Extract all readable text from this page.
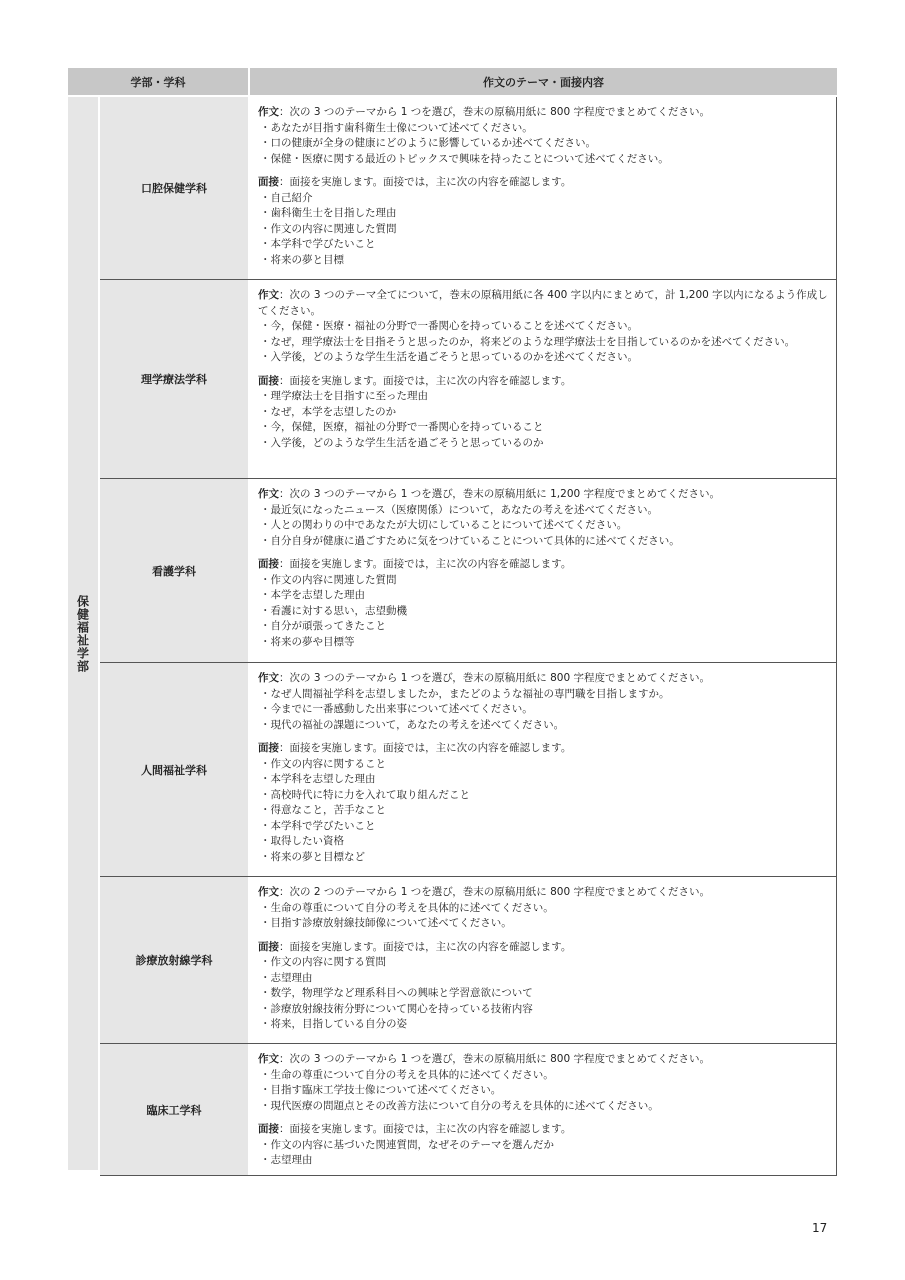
学部・学科	作文のテーマ・面接内容
保健福祉学部
口腔保健学科
作文：次の 3 つのテーマから 1 つを選び，巻末の原稿用紙に 800 字程度でまとめてください。
・あなたが目指す歯科衛生士像について述べてください。
・口の健康が全身の健康にどのように影響しているか述べてください。
・保健・医療に関する最近のトピックスで興味を持ったことについて述べてください。
面接：面接を実施します。面接では，主に次の内容を確認します。
・自己紹介
・歯科衛生士を目指した理由
・作文の内容に関連した質問
・本学科で学びたいこと
・将来の夢と目標
理学療法学科
作文：次の 3 つのテーマ全てについて，巻末の原稿用紙に各 400 字以内にまとめて，計 1,200 字以内になるよう作成してください。
・今，保健・医療・福祉の分野で一番関心を持っていることを述べてください。
・なぜ，理学療法士を目指そうと思ったのか，将来どのような理学療法士を目指しているのかを述べてください。
・入学後，どのような学生生活を過ごそうと思っているのかを述べてください。
面接：面接を実施します。面接では，主に次の内容を確認します。
・理学療法士を目指すに至った理由
・なぜ，本学を志望したのか
・今，保健，医療，福祉の分野で一番関心を持っていること
・入学後，どのような学生生活を過ごそうと思っているのか
看護学科
作文：次の 3 つのテーマから 1 つを選び，巻末の原稿用紙に 1,200 字程度でまとめてください。
・最近気になったニュース（医療関係）について，あなたの考えを述べてください。
・人との関わりの中であなたが大切にしていることについて述べてください。
・自分自身が健康に過ごすために気をつけていることについて具体的に述べてください。
面接：面接を実施します。面接では，主に次の内容を確認します。
・作文の内容に関連した質問
・本学を志望した理由
・看護に対する思い，志望動機
・自分が頑張ってきたこと
・将来の夢や目標等
人間福祉学科
作文：次の 3 つのテーマから 1 つを選び，巻末の原稿用紙に 800 字程度でまとめてください。
・なぜ人間福祉学科を志望しましたか，またどのような福祉の専門職を目指しますか。
・今までに一番感動した出来事について述べてください。
・現代の福祉の課題について，あなたの考えを述べてください。
面接：面接を実施します。面接では，主に次の内容を確認します。
・作文の内容に関すること
・本学科を志望した理由
・高校時代に特に力を入れて取り組んだこと
・得意なこと，苦手なこと
・本学科で学びたいこと
・取得したい資格
・将来の夢と目標など
診療放射線学科
作文：次の 2 つのテーマから 1 つを選び，巻末の原稿用紙に 800 字程度でまとめてください。
・生命の尊重について自分の考えを具体的に述べてください。
・目指す診療放射線技師像について述べてください。
面接：面接を実施します。面接では，主に次の内容を確認します。
・作文の内容に関する質問
・志望理由
・数学，物理学など理系科目への興味と学習意欲について
・診療放射線技術分野について関心を持っている技術内容
・将来，目指している自分の姿
臨床工学科
作文：次の 3 つのテーマから 1 つを選び，巻末の原稿用紙に 800 字程度でまとめてください。
・生命の尊重について自分の考えを具体的に述べてください。
・目指す臨床工学技士像について述べてください。
・現代医療の問題点とその改善方法について自分の考えを具体的に述べてください。
面接：面接を実施します。面接では，主に次の内容を確認します。
・作文の内容に基づいた関連質問，なぜそのテーマを選んだか
・志望理由
17
